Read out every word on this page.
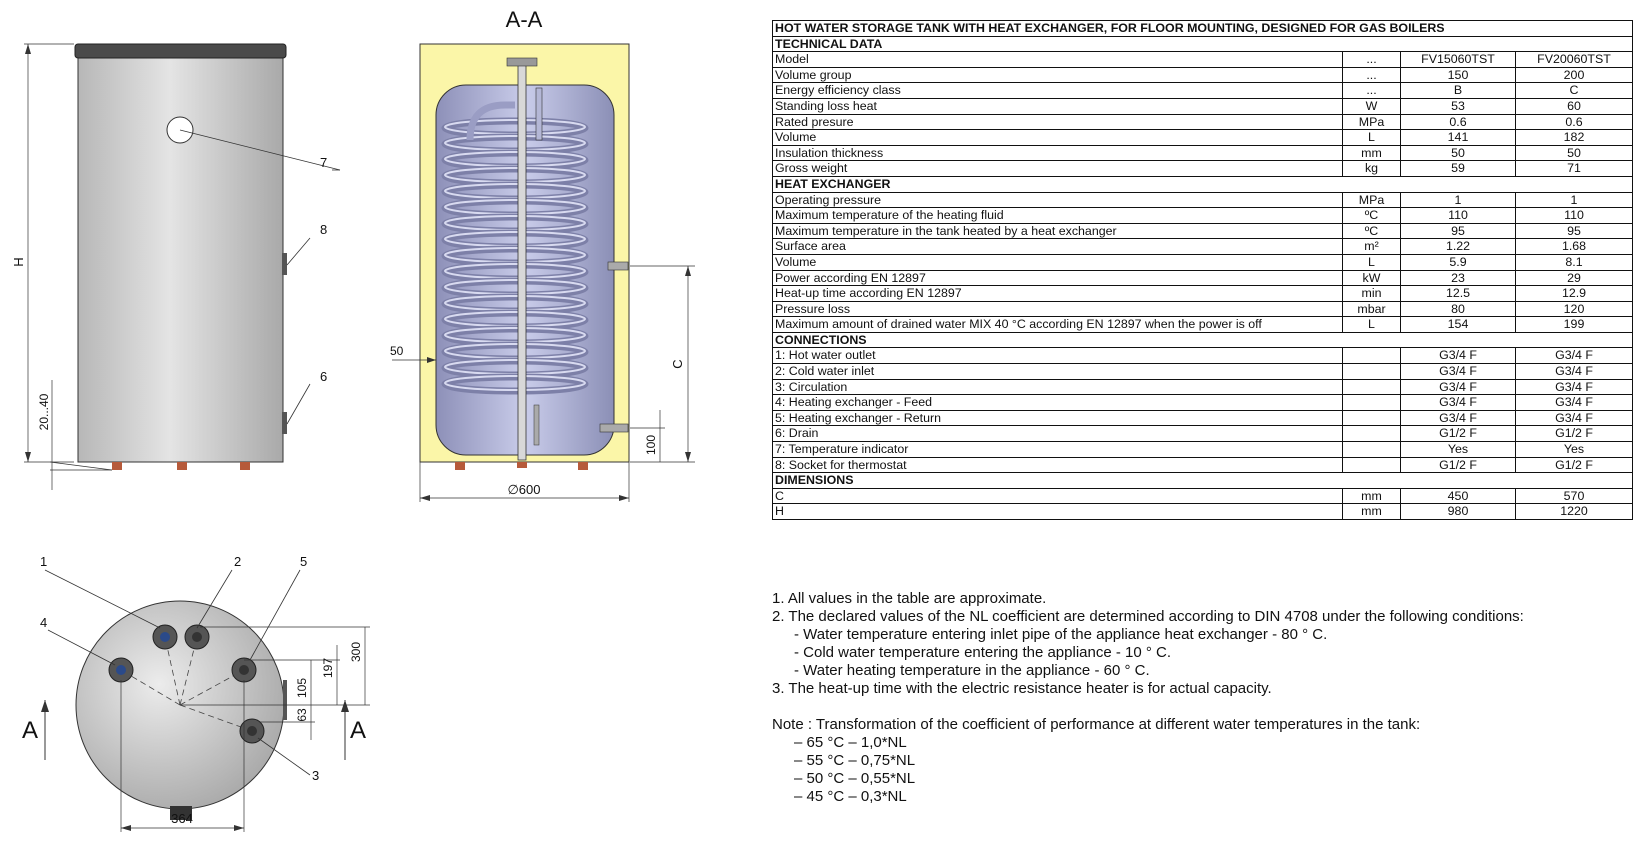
7
8
6
H
20...40
A-A
50
C
100
∅600
1	2	5
4
3
A	A
300
197
105
63
364
HOT WATER STORAGE TANK WITH HEAT EXCHANGER, FOR FLOOR MOUNTING, DESIGNED FOR GAS BOILERS			
TECHNICAL DATA			
Model	...	FV15060TST	FV20060TST
Volume group	...	150	200
Energy efficiency class	...	B	C
Standing loss heat	W	53	60
Rated presure	MPa	0.6	0.6
Volume	L	141	182
Insulation thickness	mm	50	50
Gross weight	kg	59	71
HEAT EXCHANGER			
Operating pressure	MPa	1	1
Maximum temperature of the heating fluid	ºC	110	110
Maximum temperature in the tank heated by a heat exchanger	ºC	95	95
Surface area	m²	1.22	1.68
Volume	L	5.9	8.1
Power according EN 12897	kW	23	29
Heat-up time according EN 12897	min	12.5	12.9
Pressure loss	mbar	80	120
Maximum amount of drained water MIX 40 °C according EN 12897 when the power is off	L	154	199
CONNECTIONS			
1: Hot water outlet		G3/4 F	G3/4 F
2: Cold water inlet		G3/4 F	G3/4 F
3: Circulation		G3/4 F	G3/4 F
4: Heating exchanger - Feed		G3/4 F	G3/4 F
5: Heating exchanger - Return		G3/4 F	G3/4 F
6: Drain		G1/2 F	G1/2 F
7: Temperature indicator		Yes	Yes
8: Socket for thermostat		G1/2 F	G1/2 F
DIMENSIONS			
C	mm	450	570
H	mm	980	1220
1. All values in the table are approximate.
2. The declared values of the NL coefficient are determined according to DIN 4708 under the following conditions:
- Water temperature entering inlet pipe of the appliance heat exchanger - 80 ° C.
- Cold water temperature entering the appliance - 10 ° C.
- Water heating temperature in the appliance - 60 ° C.
3. The heat-up time with the electric resistance heater is for actual capacity.
Note : Transformation of the coefficient of performance at different water temperatures in the tank:
– 65 °C – 1,0*NL
– 55 °C – 0,75*NL
– 50 °C – 0,55*NL
– 45 °C – 0,3*NL
